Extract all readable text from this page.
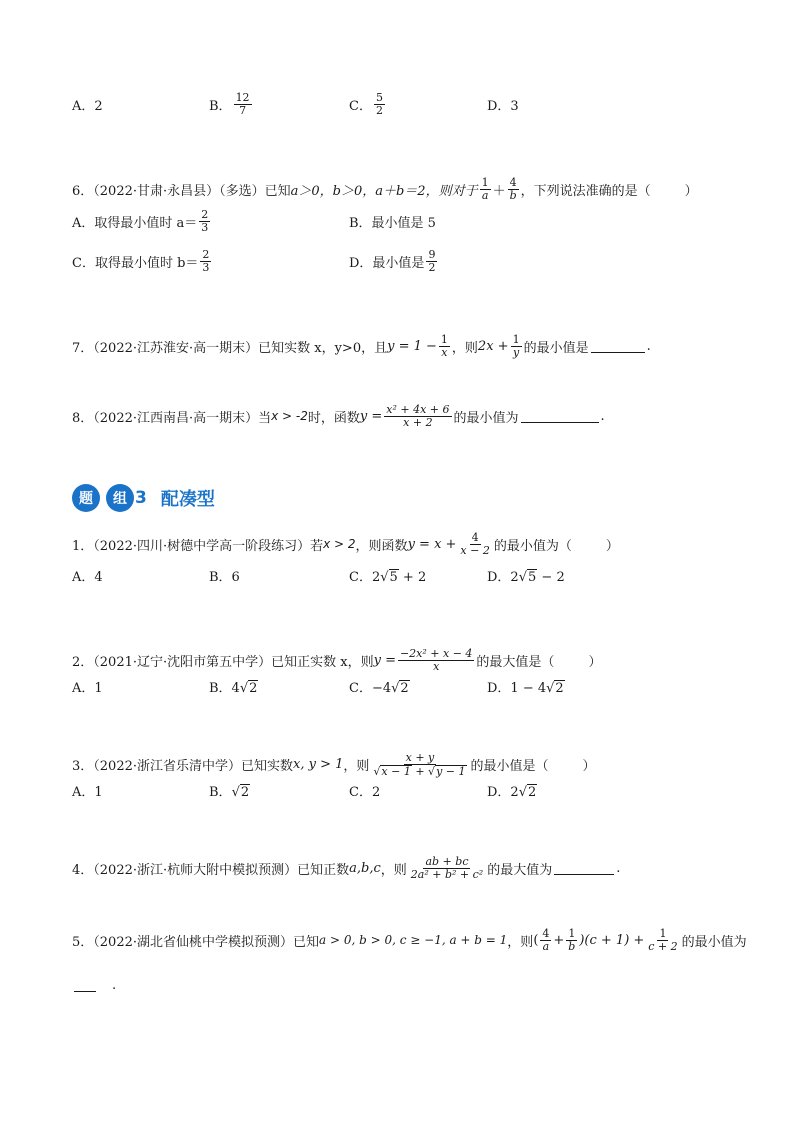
A．2	B． $\frac{12}{7}$	C． $\frac{5}{2}$	D．3
6．（2022·甘肃·永昌县）（多选）已知 a＞0，b＞0，a＋b＝2，则对于 $\frac{1}{a} + \frac{4}{b}$ ，下列说法准确的是（	）
A．取得最小值时 $a= \frac{2}{3}$	B．最小值是 5
C．取得最小值时 $b= \frac{2}{3}$	D．最小值是 $\frac{9}{2}$
7．（2022·江苏淮安·高一期末）已知实数 x，y>0，且 $y = 1 - \frac{1}{x}$ ，则 $2x + \frac{1}{y}$ 的最小值是	.
8．（2022·江西南昌·高一期末）当 x > -2 时，函数 $y = \frac{\text{x² + 4x + 6}}{x + 2}$ 的最小值为	.
题	组 3 配凑型
1．（2022·四川·树德中学高一阶段练习）若 x > 2 ，则函数 $y = x + \frac{4}{x - 2}$ 的最小值为（	）
A．4	B．6	C．2√ 5 + 2	D．2√ 5 − 2
2．（2021·辽宁·沈阳市第五中学）已知正实数 x，则 $y = \frac{\text{−2x² + x − 4}}{x}$ 的最大值是（	）
A．1	B．4√ 2	C．−4√ 2	D．1 − 4√ 2
3．（2022·浙江省乐清中学）已知实数 x, y > 1 ，则 $\frac{x + y}{√ x - 1 + √ y - 1}$ 的最小值是（	）
A．1	B．√ 2	C．2	D．2√ 2
4．（2022·浙江·杭师大附中模拟预测）已知正数 a,b,c ，则 $\frac{ab + bc}{\text{2a² + b² + c²}}$ 的最大值为	.
5．（2022·湖北省仙桃中学模拟预测）已知 a > 0, b > 0, c ≥ −1, a + b = 1 ，则 ( $\frac{4}{a} + \frac{1}{b} )(c + 1) + \frac{1}{c + 2}$ 的最小值为
.
